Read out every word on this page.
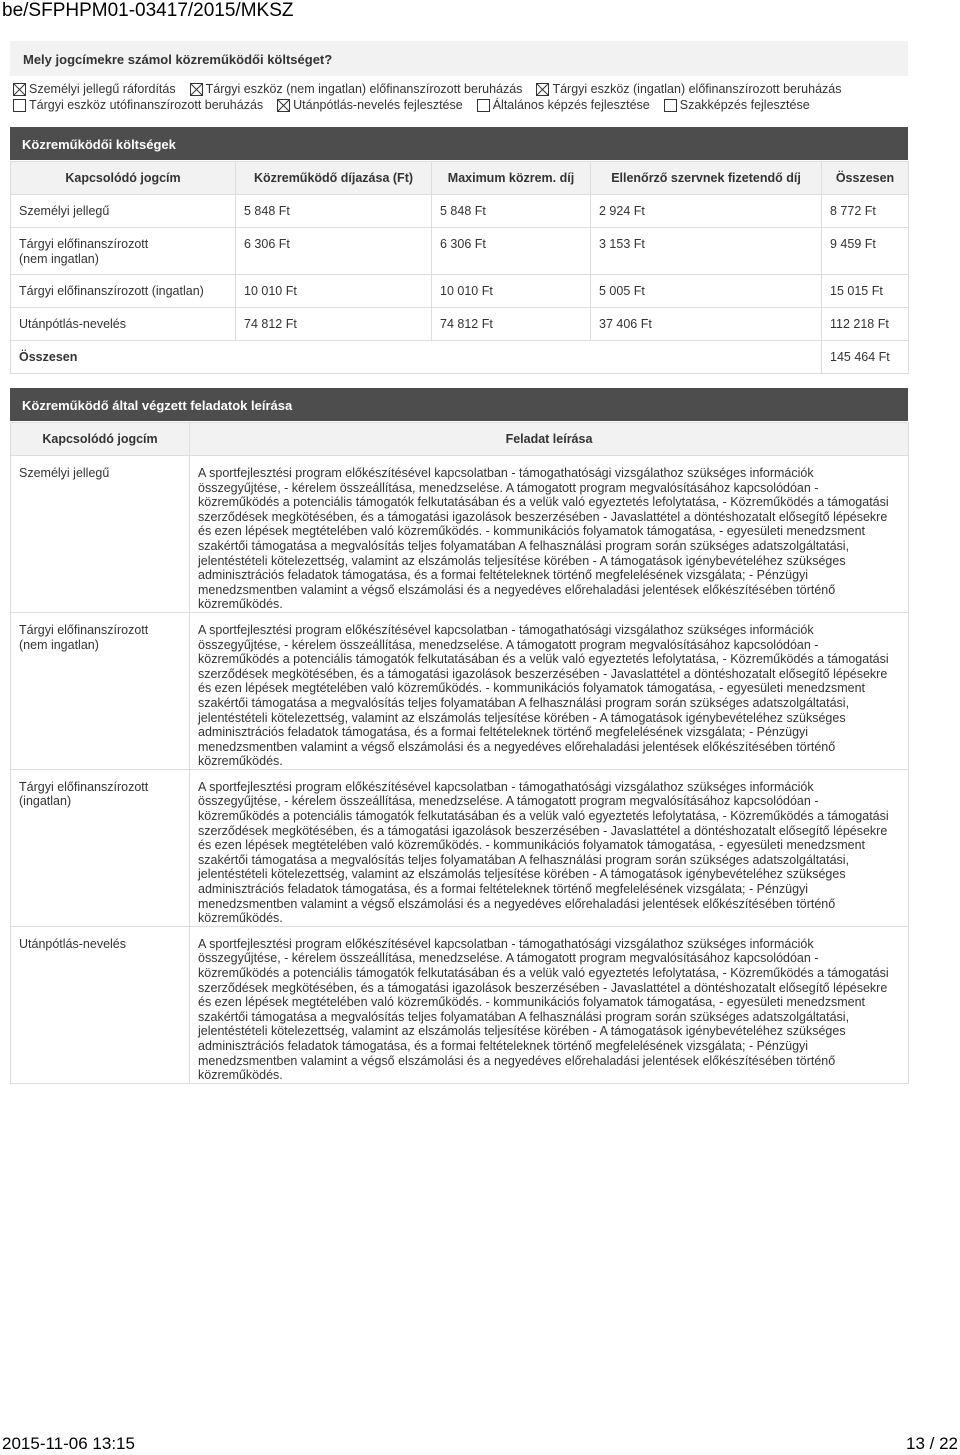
be/SFPHPM01-03417/2015/MKSZ
Mely jogcímekre számol közreműködői költséget?
Személyi jellegű ráfordítás Tárgyi eszköz (nem ingatlan) előfinanszírozott beruházás Tárgyi eszköz (ingatlan) előfinanszírozott beruházás
Tárgyi eszköz utófinanszírozott beruházás Utánpótlás-nevelés fejlesztése Általános képzés fejlesztése Szakképzés fejlesztése
Közreműködői költségek
Kapcsolódó jogcím	Közreműködő díjazása (Ft)	Maximum közrem. díj	Ellenőrző szervnek fizetendő díj	Összesen
Személyi jellegű	5 848 Ft	5 848 Ft	2 924 Ft	8 772 Ft
Tárgyi előfinanszírozott
(nem ingatlan)	6 306 Ft	6 306 Ft	3 153 Ft	9 459 Ft
Tárgyi előfinanszírozott (ingatlan)	10 010 Ft	10 010 Ft	5 005 Ft	15 015 Ft
Utánpótlás-nevelés	74 812 Ft	74 812 Ft	37 406 Ft	112 218 Ft
Összesen				145 464 Ft
Közreműködő által végzett feladatok leírása
Kapcsolódó jogcím	Feladat leírása
Személyi jellegű	A sportfejlesztési program előkészítésével kapcsolatban - támogathatósági vizsgálathoz szükséges információk összegyűjtése, - kérelem összeállítása, menedzselése. A támogatott program megvalósításához kapcsolódóan - közreműködés a potenciális támogatók felkutatásában és a velük való egyeztetés lefolytatása, - Közreműködés a támogatási szerződések megkötésében, és a támogatási igazolások beszerzésében - Javaslattétel a döntéshozatalt elősegítő lépésekre és ezen lépések megtételében való közreműködés. - kommunikációs folyamatok támogatása, - egyesületi menedzsment szakértői támogatása a megvalósítás teljes folyamatában A felhasználási program során szükséges adatszolgáltatási, jelentéstételi kötelezettség, valamint az elszámolás teljesítése körében - A támogatások igénybevételéhez szükséges adminisztrációs feladatok támogatása, és a formai feltételeknek történő megfelelésének vizsgálata; - Pénzügyi menedzsmentben valamint a végső elszámolási és a negyedéves előrehaladási jelentések előkészítésében történő közreműködés.
Tárgyi előfinanszírozott
(nem ingatlan)	A sportfejlesztési program előkészítésével kapcsolatban - támogathatósági vizsgálathoz szükséges információk összegyűjtése, - kérelem összeállítása, menedzselése. A támogatott program megvalósításához kapcsolódóan - közreműködés a potenciális támogatók felkutatásában és a velük való egyeztetés lefolytatása, - Közreműködés a támogatási szerződések megkötésében, és a támogatási igazolások beszerzésében - Javaslattétel a döntéshozatalt elősegítő lépésekre és ezen lépések megtételében való közreműködés. - kommunikációs folyamatok támogatása, - egyesületi menedzsment szakértői támogatása a megvalósítás teljes folyamatában A felhasználási program során szükséges adatszolgáltatási, jelentéstételi kötelezettség, valamint az elszámolás teljesítése körében - A támogatások igénybevételéhez szükséges adminisztrációs feladatok támogatása, és a formai feltételeknek történő megfelelésének vizsgálata; - Pénzügyi menedzsmentben valamint a végső elszámolási és a negyedéves előrehaladási jelentések előkészítésében történő közreműködés.
Tárgyi előfinanszírozott
(ingatlan)	A sportfejlesztési program előkészítésével kapcsolatban - támogathatósági vizsgálathoz szükséges információk összegyűjtése, - kérelem összeállítása, menedzselése. A támogatott program megvalósításához kapcsolódóan - közreműködés a potenciális támogatók felkutatásában és a velük való egyeztetés lefolytatása, - Közreműködés a támogatási szerződések megkötésében, és a támogatási igazolások beszerzésében - Javaslattétel a döntéshozatalt elősegítő lépésekre és ezen lépések megtételében való közreműködés. - kommunikációs folyamatok támogatása, - egyesületi menedzsment szakértői támogatása a megvalósítás teljes folyamatában A felhasználási program során szükséges adatszolgáltatási, jelentéstételi kötelezettség, valamint az elszámolás teljesítése körében - A támogatások igénybevételéhez szükséges adminisztrációs feladatok támogatása, és a formai feltételeknek történő megfelelésének vizsgálata; - Pénzügyi menedzsmentben valamint a végső elszámolási és a negyedéves előrehaladási jelentések előkészítésében történő közreműködés.
Utánpótlás-nevelés	A sportfejlesztési program előkészítésével kapcsolatban - támogathatósági vizsgálathoz szükséges információk összegyűjtése, - kérelem összeállítása, menedzselése. A támogatott program megvalósításához kapcsolódóan - közreműködés a potenciális támogatók felkutatásában és a velük való egyeztetés lefolytatása, - Közreműködés a támogatási szerződések megkötésében, és a támogatási igazolások beszerzésében - Javaslattétel a döntéshozatalt elősegítő lépésekre és ezen lépések megtételében való közreműködés. - kommunikációs folyamatok támogatása, - egyesületi menedzsment szakértői támogatása a megvalósítás teljes folyamatában A felhasználási program során szükséges adatszolgáltatási, jelentéstételi kötelezettség, valamint az elszámolás teljesítése körében - A támogatások igénybevételéhez szükséges adminisztrációs feladatok támogatása, és a formai feltételeknek történő megfelelésének vizsgálata; - Pénzügyi menedzsmentben valamint a végső elszámolási és a negyedéves előrehaladási jelentések előkészítésében történő közreműködés.
2015-11-06 13:15	13 / 22
